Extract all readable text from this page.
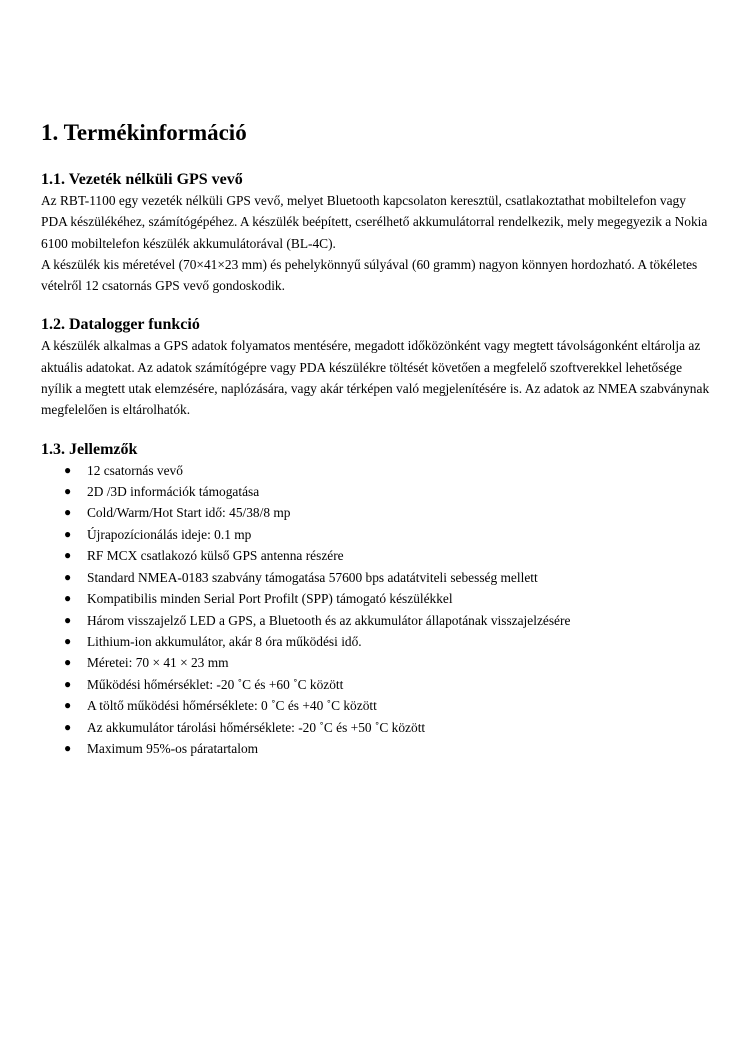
1. Termékinformáció
1.1. Vezeték nélküli GPS vevő

Az RBT-1100 egy vezeték nélküli GPS vevő, melyet Bluetooth kapcsolaton keresztül, csatlakoztathat mobiltelefon vagy PDA készülékéhez, számítógépéhez. A készülék beépített, cserélhető akkumulátorral rendelkezik, mely megegyezik a Nokia 6100 mobiltelefon készülék akkumulátorával (BL-4C).

A készülék kis méretével (70×41×23 mm) és pehelykönnyű súlyával (60 gramm) nagyon könnyen hordozható. A tökéletes vételről 12 csatornás GPS vevő gondoskodik.

1.2. Datalogger funkció

A készülék alkalmas a GPS adatok folyamatos mentésére, megadott időközönként vagy megtett távolságonként eltárolja az aktuális adatokat. Az adatok számítógépre vagy PDA készülékre töltését követően a megfelelő szoftverekkel lehetősége nyílik a megtett utak elemzésére, naplózására, vagy akár térképen való megjelenítésére is. Az adatok az NMEA szabványnak megfelelően is eltárolhatók.

1.3. Jellemzők
● 12 csatornás vevő
● 2D /3D információk támogatása
● Cold/Warm/Hot Start idő: 45/38/8 mp
● Újrapozícionálás ideje: 0.1 mp
● RF MCX csatlakozó külső GPS antenna részére
● Standard NMEA-0183 szabvány támogatása 57600 bps adatátviteli sebesség mellett
● Kompatibilis minden Serial Port Profilt (SPP) támogató készülékkel
● Három visszajelző LED a GPS, a Bluetooth és az akkumulátor állapotának visszajelzésére
● Lithium-ion akkumulátor, akár 8 óra működési idő.
● Méretei: 70 × 41 × 23 mm
● Működési hőmérséklet: -20 ˚C és +60 ˚C között
● A töltő működési hőmérséklete: 0 ˚C és +40 ˚C között
● Az akkumulátor tárolási hőmérséklete: -20 ˚C és +50 ˚C között
● Maximum 95%-os páratartalom
